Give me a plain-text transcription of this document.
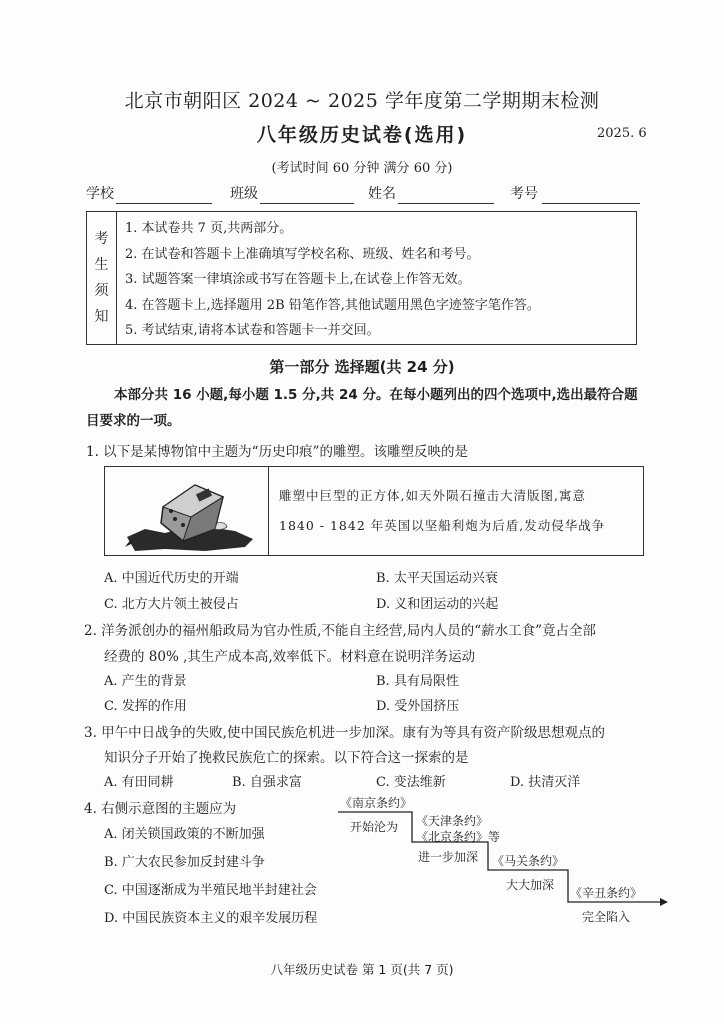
北京市朝阳区 2024 ~ 2025 学年度第二学期期末检测
八年级历史试卷(选用)	2025. 6
(考试时间 60 分钟 满分 60 分)
学校	班级	姓名	考号
考
生
须
知
1. 本试卷共 7 页,共两部分。
2. 在试卷和答题卡上准确填写学校名称、班级、姓名和考号。
3. 试题答案一律填涂或书写在答题卡上,在试卷上作答无效。
4. 在答题卡上,选择题用 2B 铅笔作答,其他试题用黑色字迹签字笔作答。
5. 考试结束,请将本试卷和答题卡一并交回。
第一部分 选择题(共 24 分)
本部分共 16 小题,每小题 1.5 分,共 24 分。在每小题列出的四个选项中,选出最符合题目要求的一项。
1. 以下是某博物馆中主题为“历史印痕”的雕塑。该雕塑反映的是
雕塑中巨型的正方体,如天外陨石撞击大清版图,寓意
1840 - 1842 年英国以坚船利炮为后盾,发动侵华战争
A. 中国近代历史的开端	B. 太平天国运动兴衰
C. 北方大片领土被侵占	D. 义和团运动的兴起
2. 洋务派创办的福州船政局为官办性质,不能自主经营,局内人员的“薪水工食”竟占全部
经费的 80% ,其生产成本高,效率低下。材料意在说明洋务运动
A. 产生的背景	B. 具有局限性
C. 发挥的作用	D. 受外国挤压
3. 甲午中日战争的失败,使中国民族危机进一步加深。康有为等具有资产阶级思想观点的
知识分子开始了挽救民族危亡的探索。以下符合这一探索的是
A. 有田同耕	B. 自强求富	C. 变法维新	D. 扶清灭洋
4. 右侧示意图的主题应为
A. 闭关锁国政策的不断加强
B. 广大农民参加反封建斗争
C. 中国逐渐成为半殖民地半封建社会
D. 中国民族资本主义的艰辛发展历程
《南京条约》
开始沦为 《天津条约》
《北京条约》等
进一步加深 《马关条约》
大大加深
《辛丑条约》
完全陷入
八年级历史试卷 第 1 页(共 7 页)
